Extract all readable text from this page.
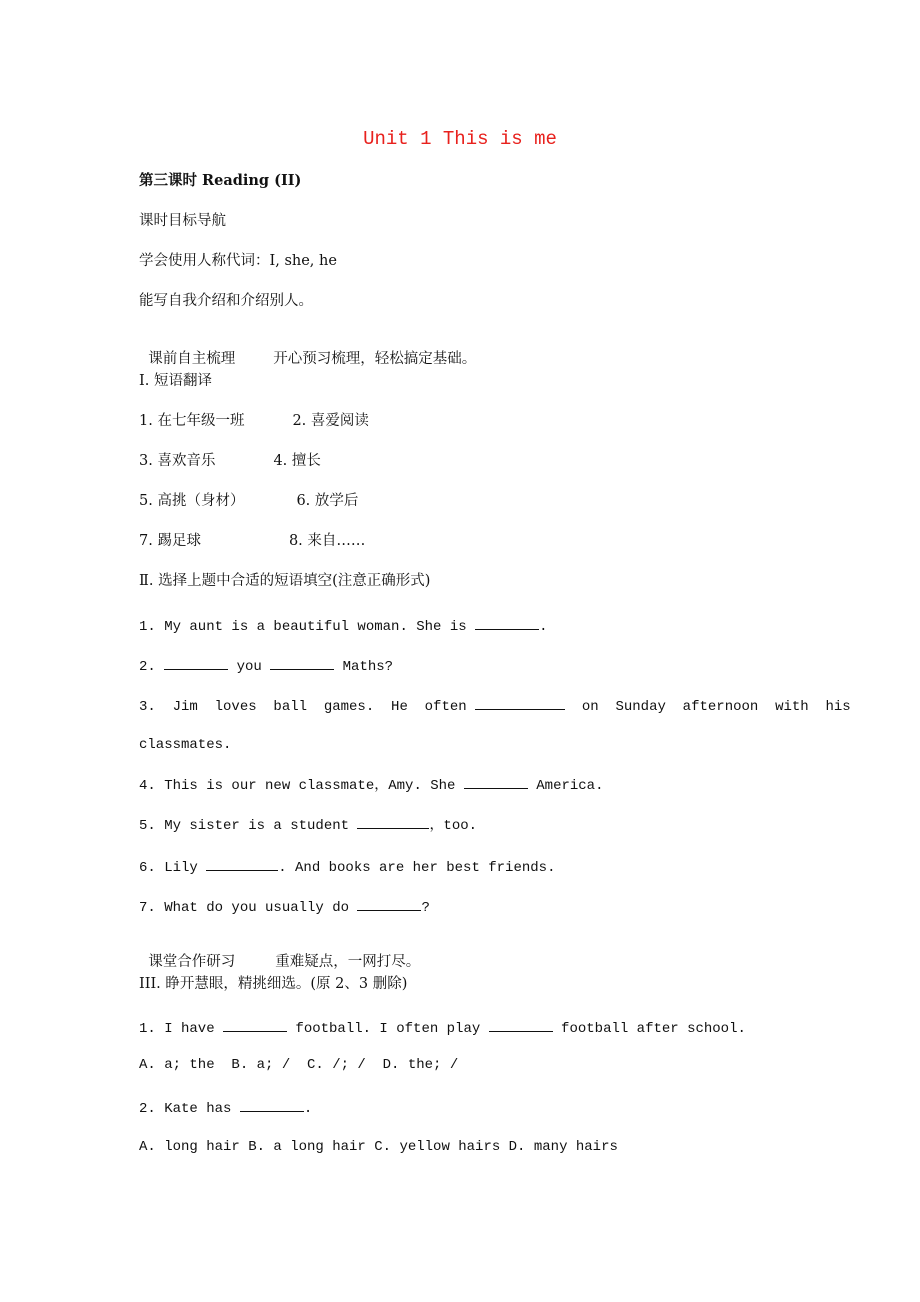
Unit 1 This is me
第三课时 Reading (II)
课时目标导航
学会使用人称代词：I, she, he
能写自我介绍和介绍别人。

课前自主梳理	开心预习梳理，轻松搞定基础。

Ⅰ. 短语翻译
1. 在七年级一班	2. 喜爱阅读
3. 喜欢音乐	4. 擅长
5. 高挑（身材）	6. 放学后
7. 踢足球	8. 来自……
Ⅱ. 选择上题中合适的短语填空(注意正确形式)
1. My aunt is a beautiful woman. She is	.
2.	you	Maths?
3.  Jim  loves  ball  games.  He  often	on  Sunday  afternoon  with  his
classmates.
4. This is our new classmate，Amy. She	America.
5. My sister is a student	，too.
6. Lily	. And books are her best friends.
7. What do you usually do	?

课堂合作研习	重难疑点，一网打尽。

III. 睁开慧眼，精挑细选。(原 2、3 删除)
1. I have	football. I often play	football after school.
A. a; the  B. a; /  C. /; /  D. the; /
2. Kate has	.
A. long hair B. a long hair C. yellow hairs D. many hairs
